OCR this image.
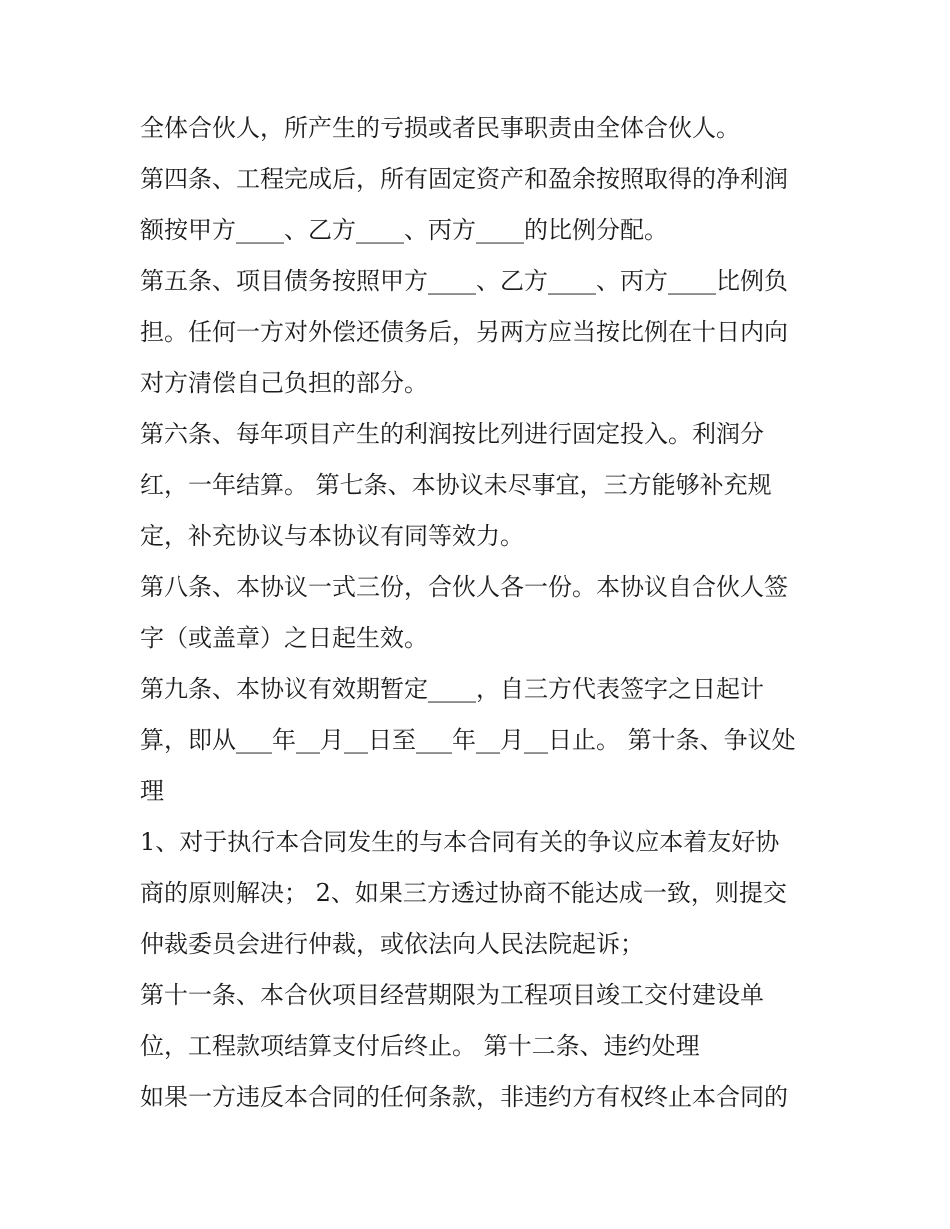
全体合伙人，所产生的亏损或者民事职责由全体合伙人。
第四条、工程完成后，所有固定资产和盈余按照取得的净利润
额按甲方____、乙方____、丙方____的比例分配。
第五条、项目债务按照甲方____、乙方____、丙方____比例负
担。任何一方对外偿还债务后，另两方应当按比例在十日内向
对方清偿自己负担的部分。
第六条、每年项目产生的利润按比列进行固定投入。利润分
红，一年结算。 第七条、本协议未尽事宜，三方能够补充规
定，补充协议与本协议有同等效力。
第八条、本协议一式三份，合伙人各一份。本协议自合伙人签
字（或盖章）之日起生效。
第九条、本协议有效期暂定____，自三方代表签字之日起计
算，即从___年__月__日至___年__月__日止。 第十条、争议处
理
1、对于执行本合同发生的与本合同有关的争议应本着友好协
商的原则解决； 2、如果三方透过协商不能达成一致，则提交
仲裁委员会进行仲裁，或依法向人民法院起诉；
第十一条、本合伙项目经营期限为工程项目竣工交付建设单
位，工程款项结算支付后终止。 第十二条、违约处理
如果一方违反本合同的任何条款，非违约方有权终止本合同的
